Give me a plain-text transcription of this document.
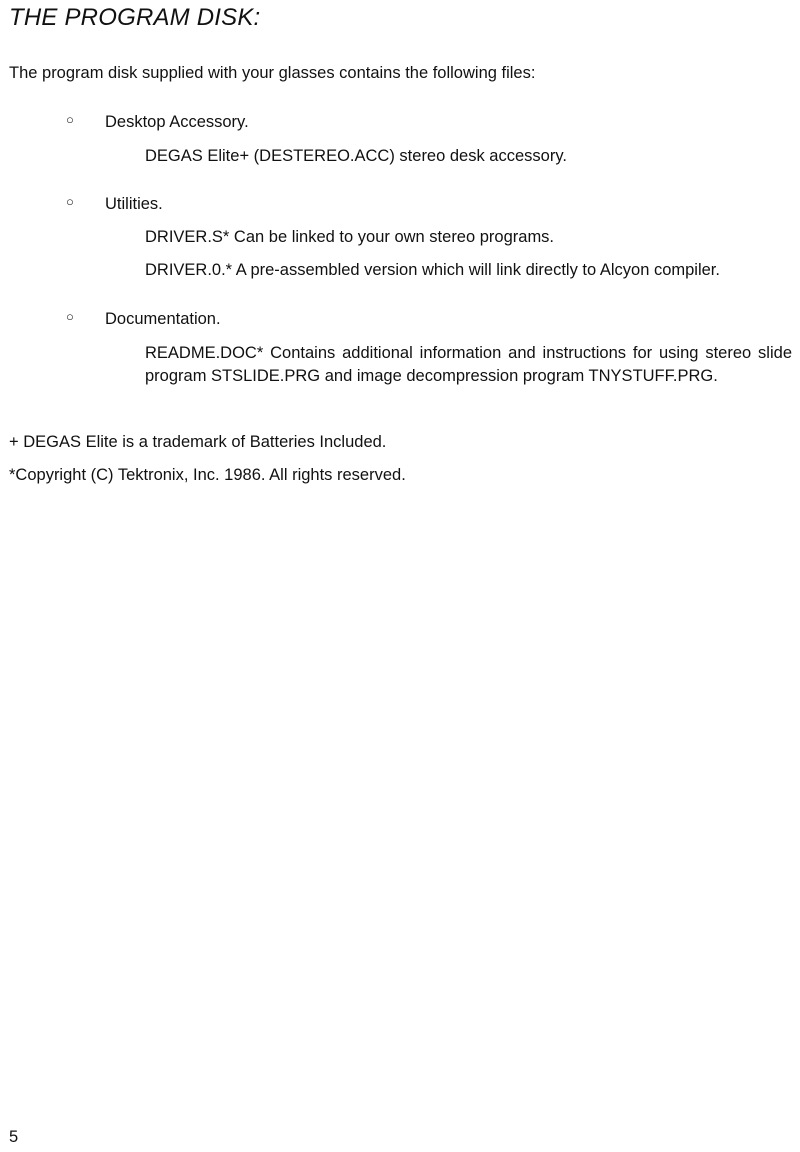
THE PROGRAM DISK:
The program disk supplied with your glasses contains the following files:
○ Desktop Accessory.
DEGAS Elite+ (DESTEREO.ACC) stereo desk accessory.
○ Utilities.
DRIVER.S* Can be linked to your own stereo programs.
DRIVER.0.* A pre-assembled version which will link directly to Alcyon compiler.
○ Documentation.
README.DOC* Contains additional information and instructions for using stereo slide program STSLIDE.PRG and image decompression program TNYSTUFF.PRG.
+ DEGAS Elite is a trademark of Batteries Included.
*Copyright (C) Tektronix, Inc. 1986. All rights reserved.
5
